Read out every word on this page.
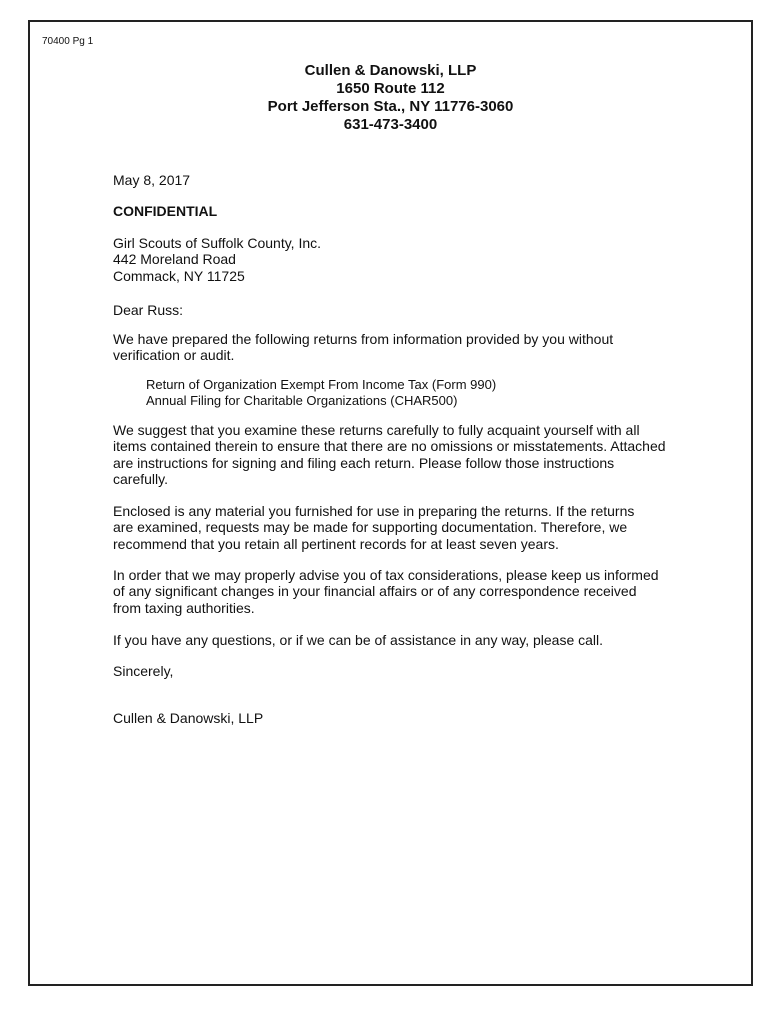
70400 Pg 1
Cullen & Danowski, LLP
1650 Route 112
Port Jefferson Sta., NY 11776-3060
631-473-3400
May 8, 2017
CONFIDENTIAL
Girl Scouts of Suffolk County, Inc.
442 Moreland Road
Commack, NY 11725
Dear Russ:
We have prepared the following returns from information provided by you without verification or audit.
Return of Organization Exempt From Income Tax (Form 990)
Annual Filing for Charitable Organizations (CHAR500)
We suggest that you examine these returns carefully to fully acquaint yourself with all items contained therein to ensure that there are no omissions or misstatements. Attached are instructions for signing and filing each return. Please follow those instructions carefully.
Enclosed is any material you furnished for use in preparing the returns. If the returns are examined, requests may be made for supporting documentation. Therefore, we recommend that you retain all pertinent records for at least seven years.
In order that we may properly advise you of tax considerations, please keep us informed of any significant changes in your financial affairs or of any correspondence received from taxing authorities.
If you have any questions, or if we can be of assistance in any way, please call.
Sincerely,
Cullen & Danowski, LLP
